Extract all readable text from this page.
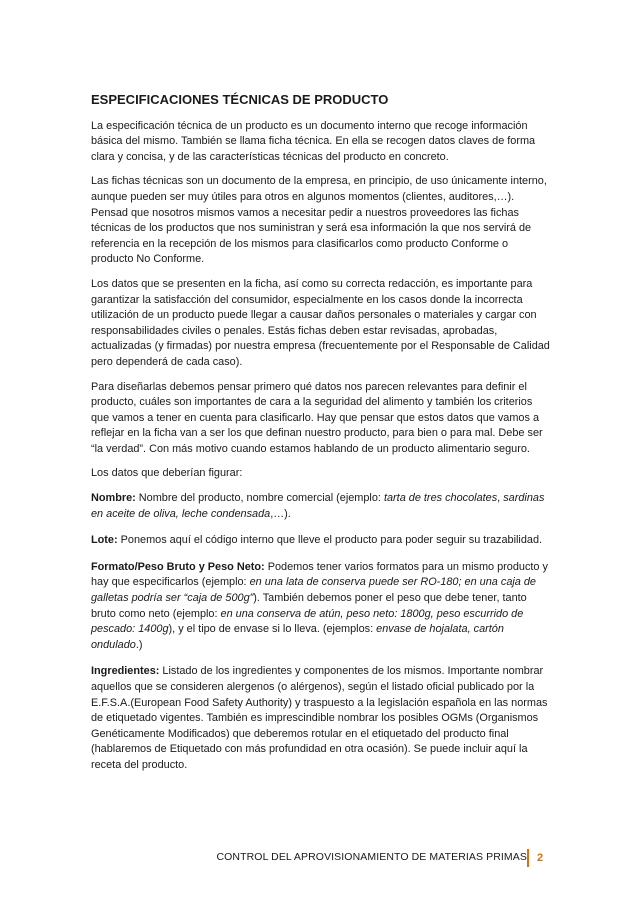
ESPECIFICACIONES TÉCNICAS DE PRODUCTO

La especificación técnica de un producto es un documento interno que recoge información básica del mismo. También se llama ficha técnica. En ella se recogen datos claves de forma clara y concisa, y de las características técnicas del producto en concreto.

Las fichas técnicas son un documento de la empresa, en principio, de uso únicamente interno, aunque pueden ser muy útiles para otros en algunos momentos (clientes, auditores,…). Pensad que nosotros mismos vamos a necesitar pedir a nuestros proveedores las fichas técnicas de los productos que nos suministran y será esa información la que nos servirá de referencia en la recepción de los mismos para clasificarlos como producto Conforme o producto No Conforme.

Los datos que se presenten en la ficha, así como su correcta redacción, es importante para garantizar la satisfacción del consumidor, especialmente en los casos donde la incorrecta utilización de un producto puede llegar a causar daños personales o materiales y cargar con responsabilidades civiles o penales. Estás fichas deben estar revisadas, aprobadas, actualizadas (y firmadas) por nuestra empresa (frecuentemente por el Responsable de Calidad pero dependerá de cada caso).

Para diseñarlas debemos pensar primero qué datos nos parecen relevantes para definir el producto, cuáles son importantes de cara a la seguridad del alimento y también los criterios que vamos a tener en cuenta para clasificarlo. Hay que pensar que estos datos que vamos a reflejar en la ficha van a ser los que definan nuestro producto, para bien o para mal. Debe ser “la verdad”. Con más motivo cuando estamos hablando de un producto alimentario seguro.

Los datos que deberían figurar:

Nombre: Nombre del producto, nombre comercial (ejemplo: tarta de tres chocolates, sardinas en aceite de oliva, leche condensada,…).

Lote: Ponemos aquí el código interno que lleve el producto para poder seguir su trazabilidad.

Formato/Peso Bruto y Peso Neto: Podemos tener varios formatos para un mismo producto y hay que especificarlos (ejemplo: en una lata de conserva puede ser RO-180; en una caja de galletas podría ser “caja de 500g”). También debemos poner el peso que debe tener, tanto bruto como neto (ejemplo: en una conserva de atún, peso neto: 1800g, peso escurrido de pescado: 1400g), y el tipo de envase si lo lleva. (ejemplos: envase de hojalata, cartón ondulado.)

Ingredientes: Listado de los ingredientes y componentes de los mismos. Importante nombrar aquellos que se consideren alergenos (o alérgenos), según el listado oficial publicado por la E.F.S.A.(European Food Safety Authority) y traspuesto a la legislación española en las normas de etiquetado vigentes. También es imprescindible nombrar los posibles OGMs (Organismos Genéticamente Modificados) que deberemos rotular en el etiquetado del producto final (hablaremos de Etiquetado con más profundidad en otra ocasión). Se puede incluir aquí la receta del producto.

CONTROL DEL APROVISIONAMIENTO DE MATERIAS PRIMAS 2
